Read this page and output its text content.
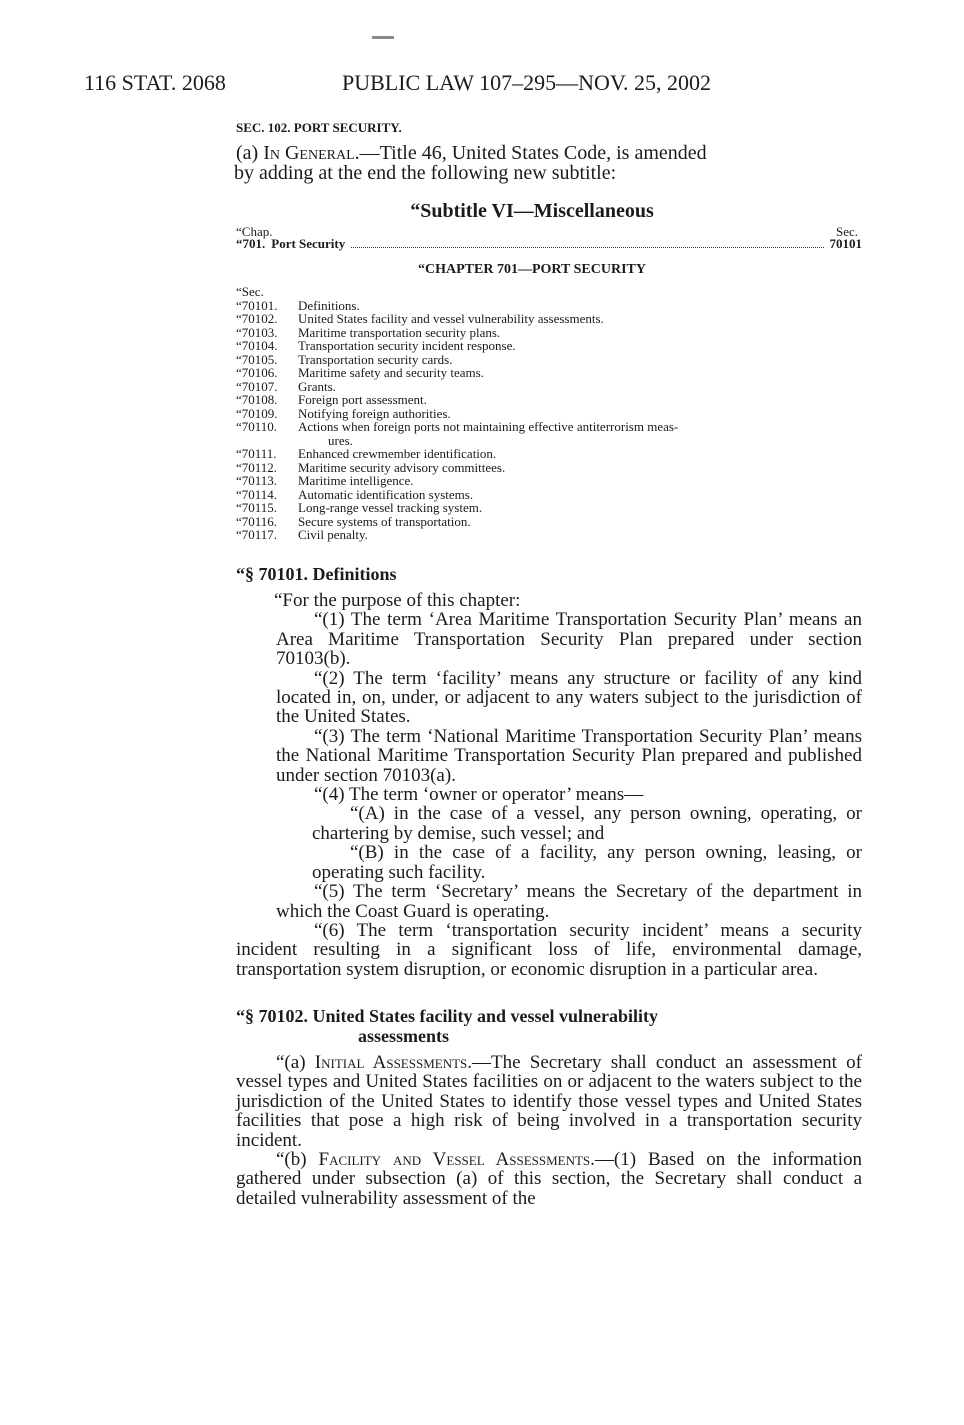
116 STAT. 2068	PUBLIC LAW 107–295—NOV. 25, 2002
SEC. 102. PORT SECURITY.
(a) In General.—Title 46, United States Code, is amended
by adding at the end the following new subtitle:
“Subtitle VI—Miscellaneous
“Chap.	Sec.
“701. Port Security	70101
“CHAPTER 701—PORT SECURITY
“Sec.
“70101.	Definitions.
“70102.	United States facility and vessel vulnerability assessments.
“70103.	Maritime transportation security plans.
“70104.	Transportation security incident response.
“70105.	Transportation security cards.
“70106.	Maritime safety and security teams.
“70107.	Grants.
“70108.	Foreign port assessment.
“70109.	Notifying foreign authorities.
“70110.	Actions when foreign ports not maintaining effective antiterrorism meas-
ures.
“70111.	Enhanced crewmember identification.
“70112.	Maritime security advisory committees.
“70113.	Maritime intelligence.
“70114.	Automatic identification systems.
“70115.	Long-range vessel tracking system.
“70116.	Secure systems of transportation.
“70117.	Civil penalty.
“§ 70101. Definitions

“For the purpose of this chapter:

“(1) The term ‘Area Maritime Transportation Security Plan’ means an Area Maritime Transportation Security Plan prepared under section 70103(b).

“(2) The term ‘facility’ means any structure or facility of any kind located in, on, under, or adjacent to any waters subject to the jurisdiction of the United States.

“(3) The term ‘National Maritime Transportation Security Plan’ means the National Maritime Transportation Security Plan prepared and published under section 70103(a).

“(4) The term ‘owner or operator’ means—

“(A) in the case of a vessel, any person owning, operating, or chartering by demise, such vessel; and

“(B) in the case of a facility, any person owning, leasing, or operating such facility.

“(5) The term ‘Secretary’ means the Secretary of the department in which the Coast Guard is operating.

“(6) The term ‘transportation security incident’ means a security incident resulting in a significant loss of life, environmental damage, transportation system disruption, or economic disruption in a particular area.

“§ 70102. United States facility and vessel vulnerability
assessments

“(a) Initial Assessments.—The Secretary shall conduct an assessment of vessel types and United States facilities on or adjacent to the waters subject to the jurisdiction of the United States to identify those vessel types and United States facilities that pose a high risk of being involved in a transportation security incident.

“(b) Facility and Vessel Assessments.—(1) Based on the information gathered under subsection (a) of this section, the Secretary shall conduct a detailed vulnerability assessment of the
